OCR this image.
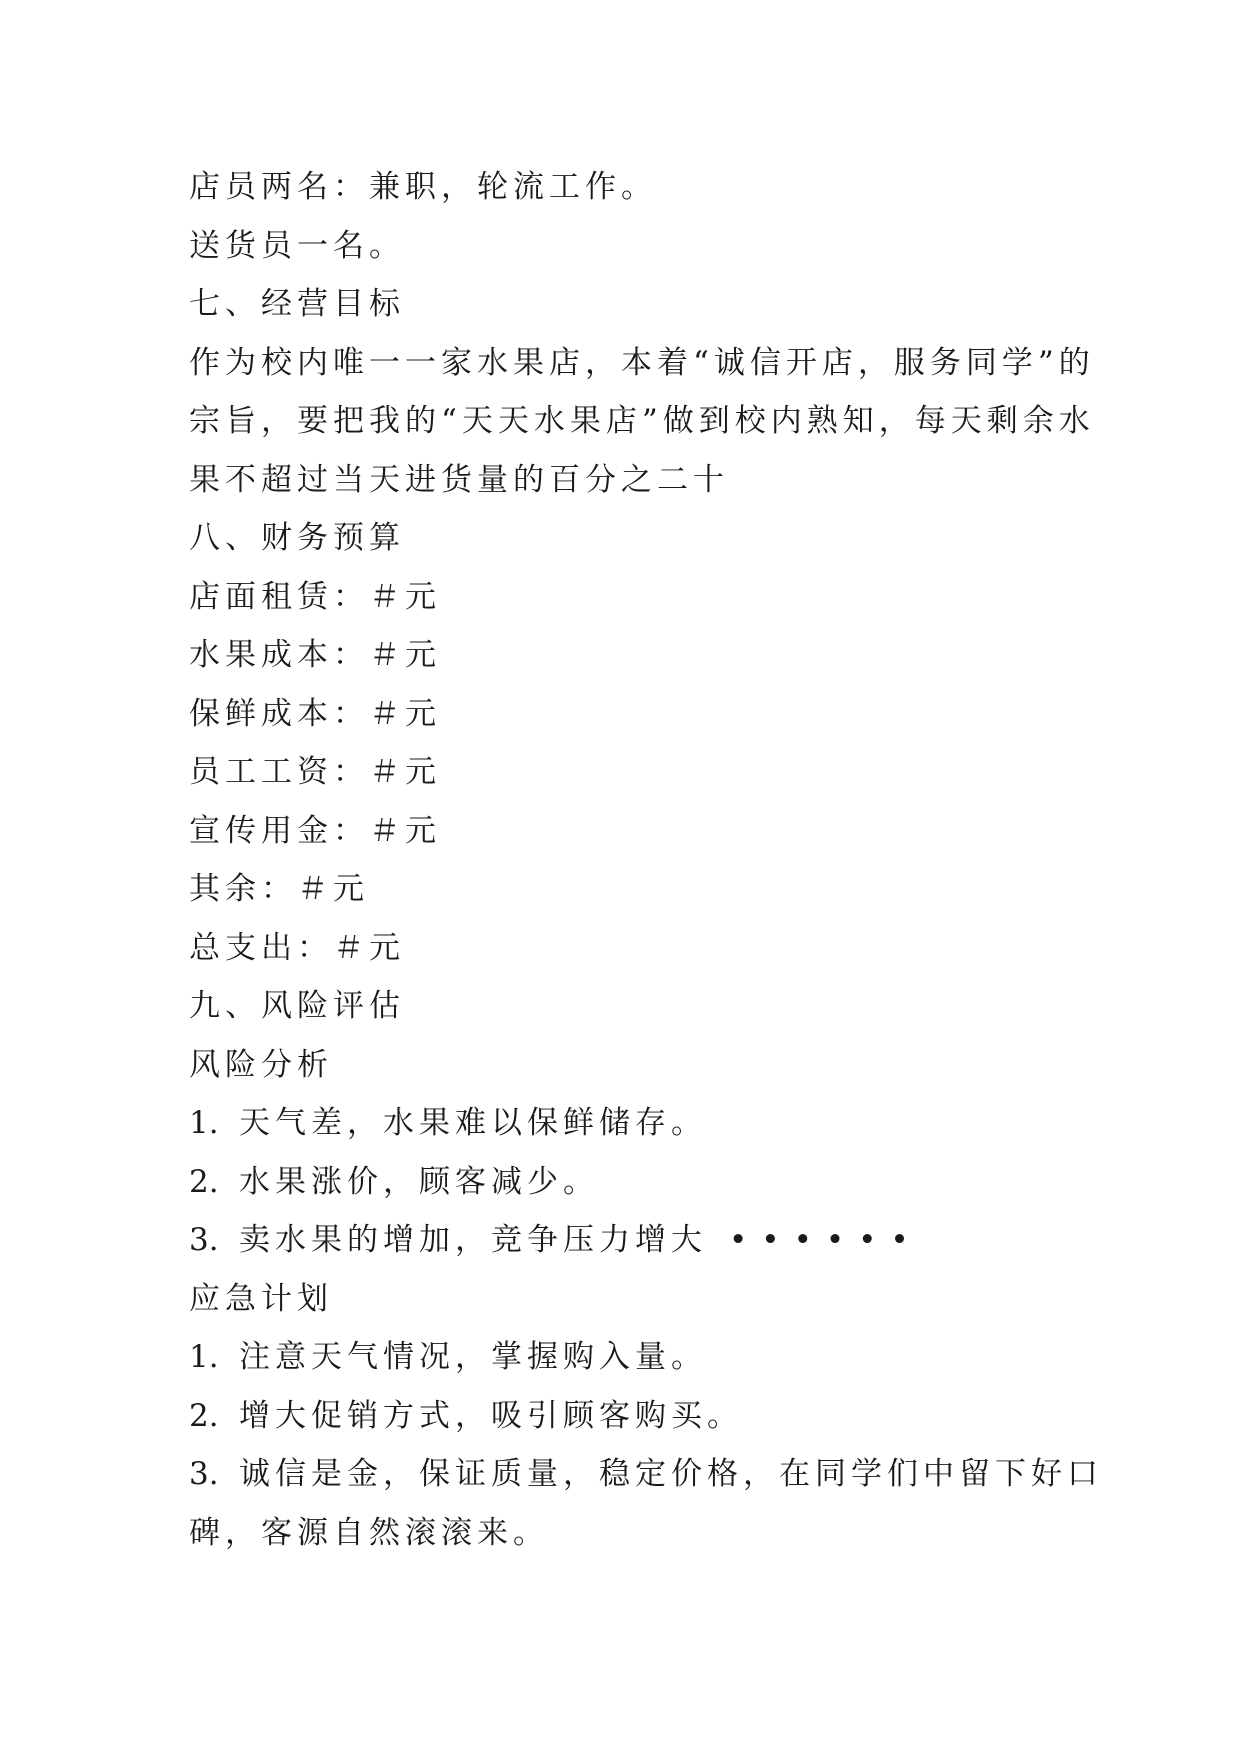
店员两名：兼职，轮流工作。
送货员一名。
七、经营目标
作为校内唯一一家水果店，本着“诚信开店，服务同学”的
宗旨，要把我的“天天水果店”做到校内熟知，每天剩余水
果不超过当天进货量的百分之二十
八、财务预算
店面租赁：＃元
水果成本：＃元
保鲜成本：＃元
员工工资：＃元
宣传用金：＃元
其余：＃元
总支出：＃元
九、风险评估
风险分析
1. 天气差，水果难以保鲜储存。
2. 水果涨价，顾客减少。
3. 卖水果的增加，竞争压力增大 ••••••
应急计划
1. 注意天气情况，掌握购入量。
2. 增大促销方式，吸引顾客购买。
3. 诚信是金，保证质量，稳定价格，在同学们中留下好口
碑，客源自然滚滚来。
